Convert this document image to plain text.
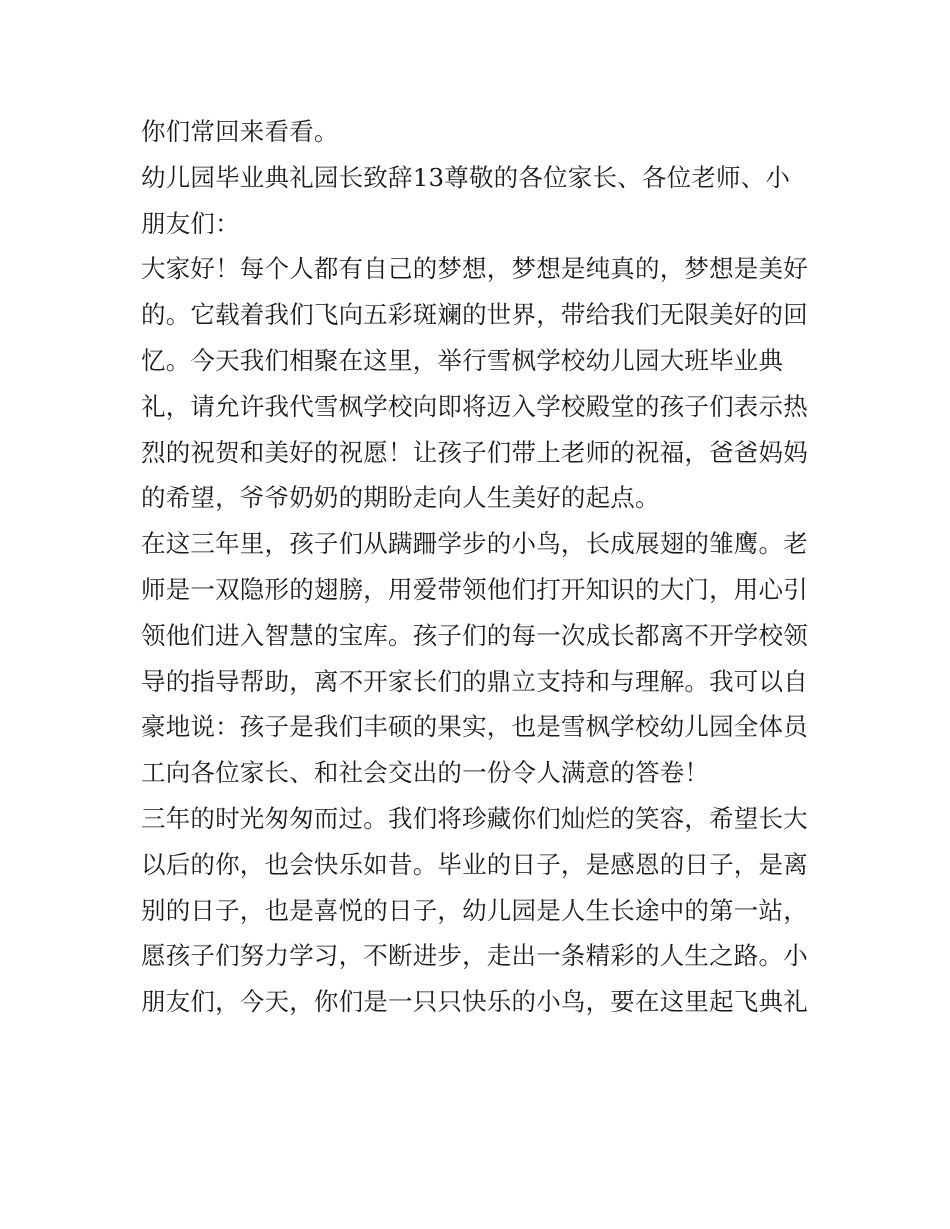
你们常回来看看。
幼儿园毕业典礼园长致辞13尊敬的各位家长、各位老师、小
朋友们：
大家好！每个人都有自己的梦想，梦想是纯真的，梦想是美好
的。它载着我们飞向五彩斑斓的世界，带给我们无限美好的回
忆。今天我们相聚在这里，举行雪枫学校幼儿园大班毕业典
礼，请允许我代雪枫学校向即将迈入学校殿堂的孩子们表示热
烈的祝贺和美好的祝愿！让孩子们带上老师的祝福，爸爸妈妈
的希望，爷爷奶奶的期盼走向人生美好的起点。
在这三年里，孩子们从蹒跚学步的小鸟，长成展翅的雏鹰。老
师是一双隐形的翅膀，用爱带领他们打开知识的大门，用心引
领他们进入智慧的宝库。孩子们的每一次成长都离不开学校领
导的指导帮助，离不开家长们的鼎立支持和与理解。我可以自
豪地说：孩子是我们丰硕的果实，也是雪枫学校幼儿园全体员
工向各位家长、和社会交出的一份令人满意的答卷！
三年的时光匆匆而过。我们将珍藏你们灿烂的笑容，希望长大
以后的你，也会快乐如昔。毕业的日子，是感恩的日子，是离
别的日子，也是喜悦的日子，幼儿园是人生长途中的第一站，
愿孩子们努力学习，不断进步，走出一条精彩的人生之路。小
朋友们，今天，你们是一只只快乐的小鸟，要在这里起飞典礼
